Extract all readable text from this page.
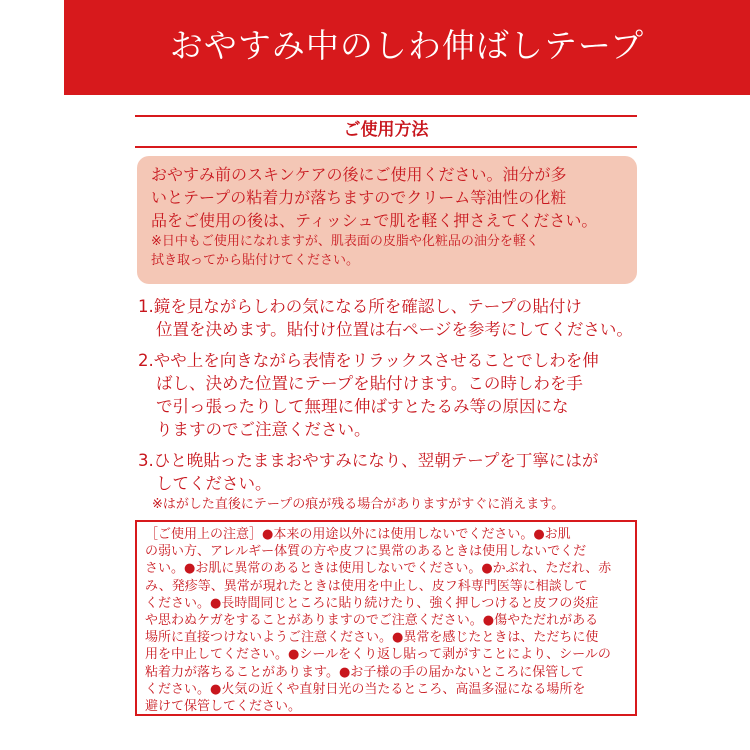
おやすみ中のしわ伸ばしテープ
ご使用方法
おやすみ前のスキンケアの後にご使用ください。油分が多
いとテープの粘着力が落ちますのでクリーム等油性の化粧
品をご使用の後は、ティッシュで肌を軽く押さえてください。
※日中もご使用になれますが、肌表面の皮脂や化粧品の油分を軽く
拭き取ってから貼付けてください。
1.鏡を見ながらしわの気になる所を確認し、テープの貼付け
位置を決めます。貼付け位置は右ページを参考にしてください。
2.やや上を向きながら表情をリラックスさせることでしわを伸
ばし、決めた位置にテープを貼付けます。この時しわを手
で引っ張ったりして無理に伸ばすとたるみ等の原因にな
りますのでご注意ください。
3.ひと晩貼ったままおやすみになり、翌朝テープを丁寧にはが
してください。
※はがした直後にテープの痕が残る場合がありますがすぐに消えます。
［ご使用上の注意］●本来の用途以外には使用しないでください。●お肌
の弱い方、アレルギー体質の方や皮フに異常のあるときは使用しないでくだ
さい。●お肌に異常のあるときは使用しないでください。●かぶれ、ただれ、赤
み、発疹等、異常が現れたときは使用を中止し、皮フ科専門医等に相談して
ください。●長時間同じところに貼り続けたり、強く押しつけると皮フの炎症
や思わぬケガをすることがありますのでご注意ください。●傷やただれがある
場所に直接つけないようご注意ください。●異常を感じたときは、ただちに使
用を中止してください。●シールをくり返し貼って剥がすことにより、シールの
粘着力が落ちることがあります。●お子様の手の届かないところに保管して
ください。●火気の近くや直射日光の当たるところ、高温多湿になる場所を
避けて保管してください。
